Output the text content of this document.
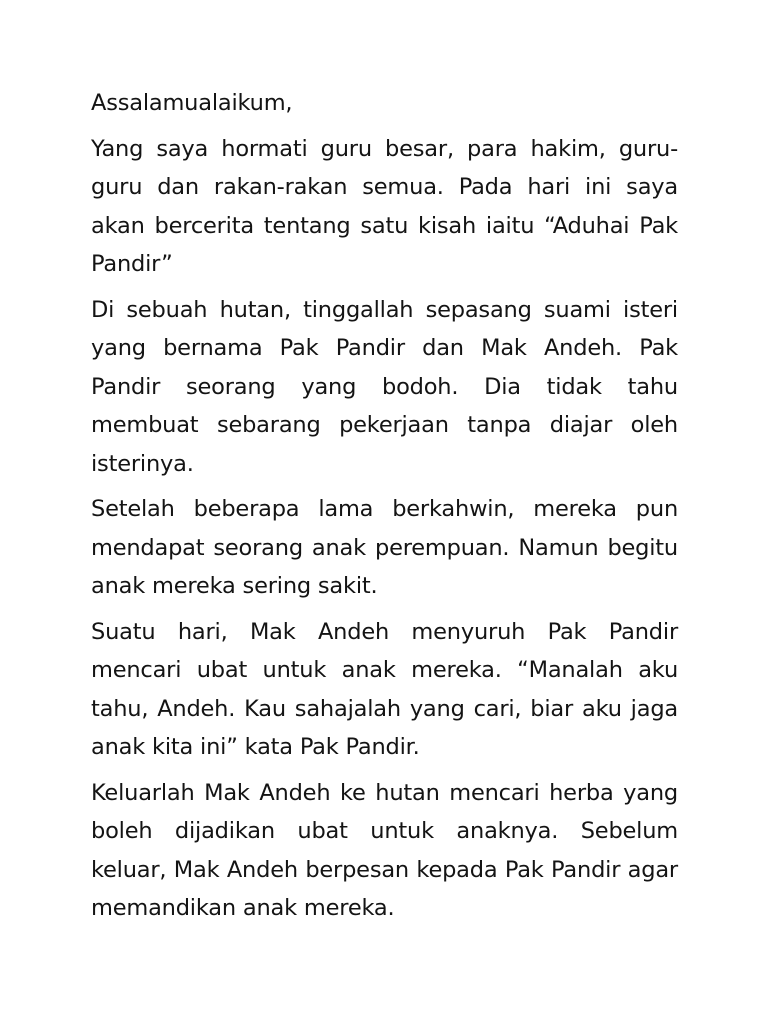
Assalamualaikum,

Yang saya hormati guru besar, para hakim, guru-guru dan rakan-rakan semua. Pada hari ini saya akan bercerita tentang satu kisah iaitu “Aduhai Pak Pandir”

Di sebuah hutan, tinggallah sepasang suami isteri yang bernama Pak Pandir dan Mak Andeh. Pak Pandir seorang yang bodoh. Dia tidak tahu membuat sebarang pekerjaan tanpa diajar oleh isterinya.

Setelah beberapa lama berkahwin, mereka pun mendapat seorang anak perempuan. Namun begitu anak mereka sering sakit.

Suatu hari, Mak Andeh menyuruh Pak Pandir mencari ubat untuk anak mereka. “Manalah aku tahu, Andeh. Kau sahajalah yang cari, biar aku jaga anak kita ini” kata Pak Pandir.

Keluarlah Mak Andeh ke hutan mencari herba yang boleh dijadikan ubat untuk anaknya. Sebelum keluar, Mak Andeh berpesan kepada Pak Pandir agar memandikan anak mereka.
